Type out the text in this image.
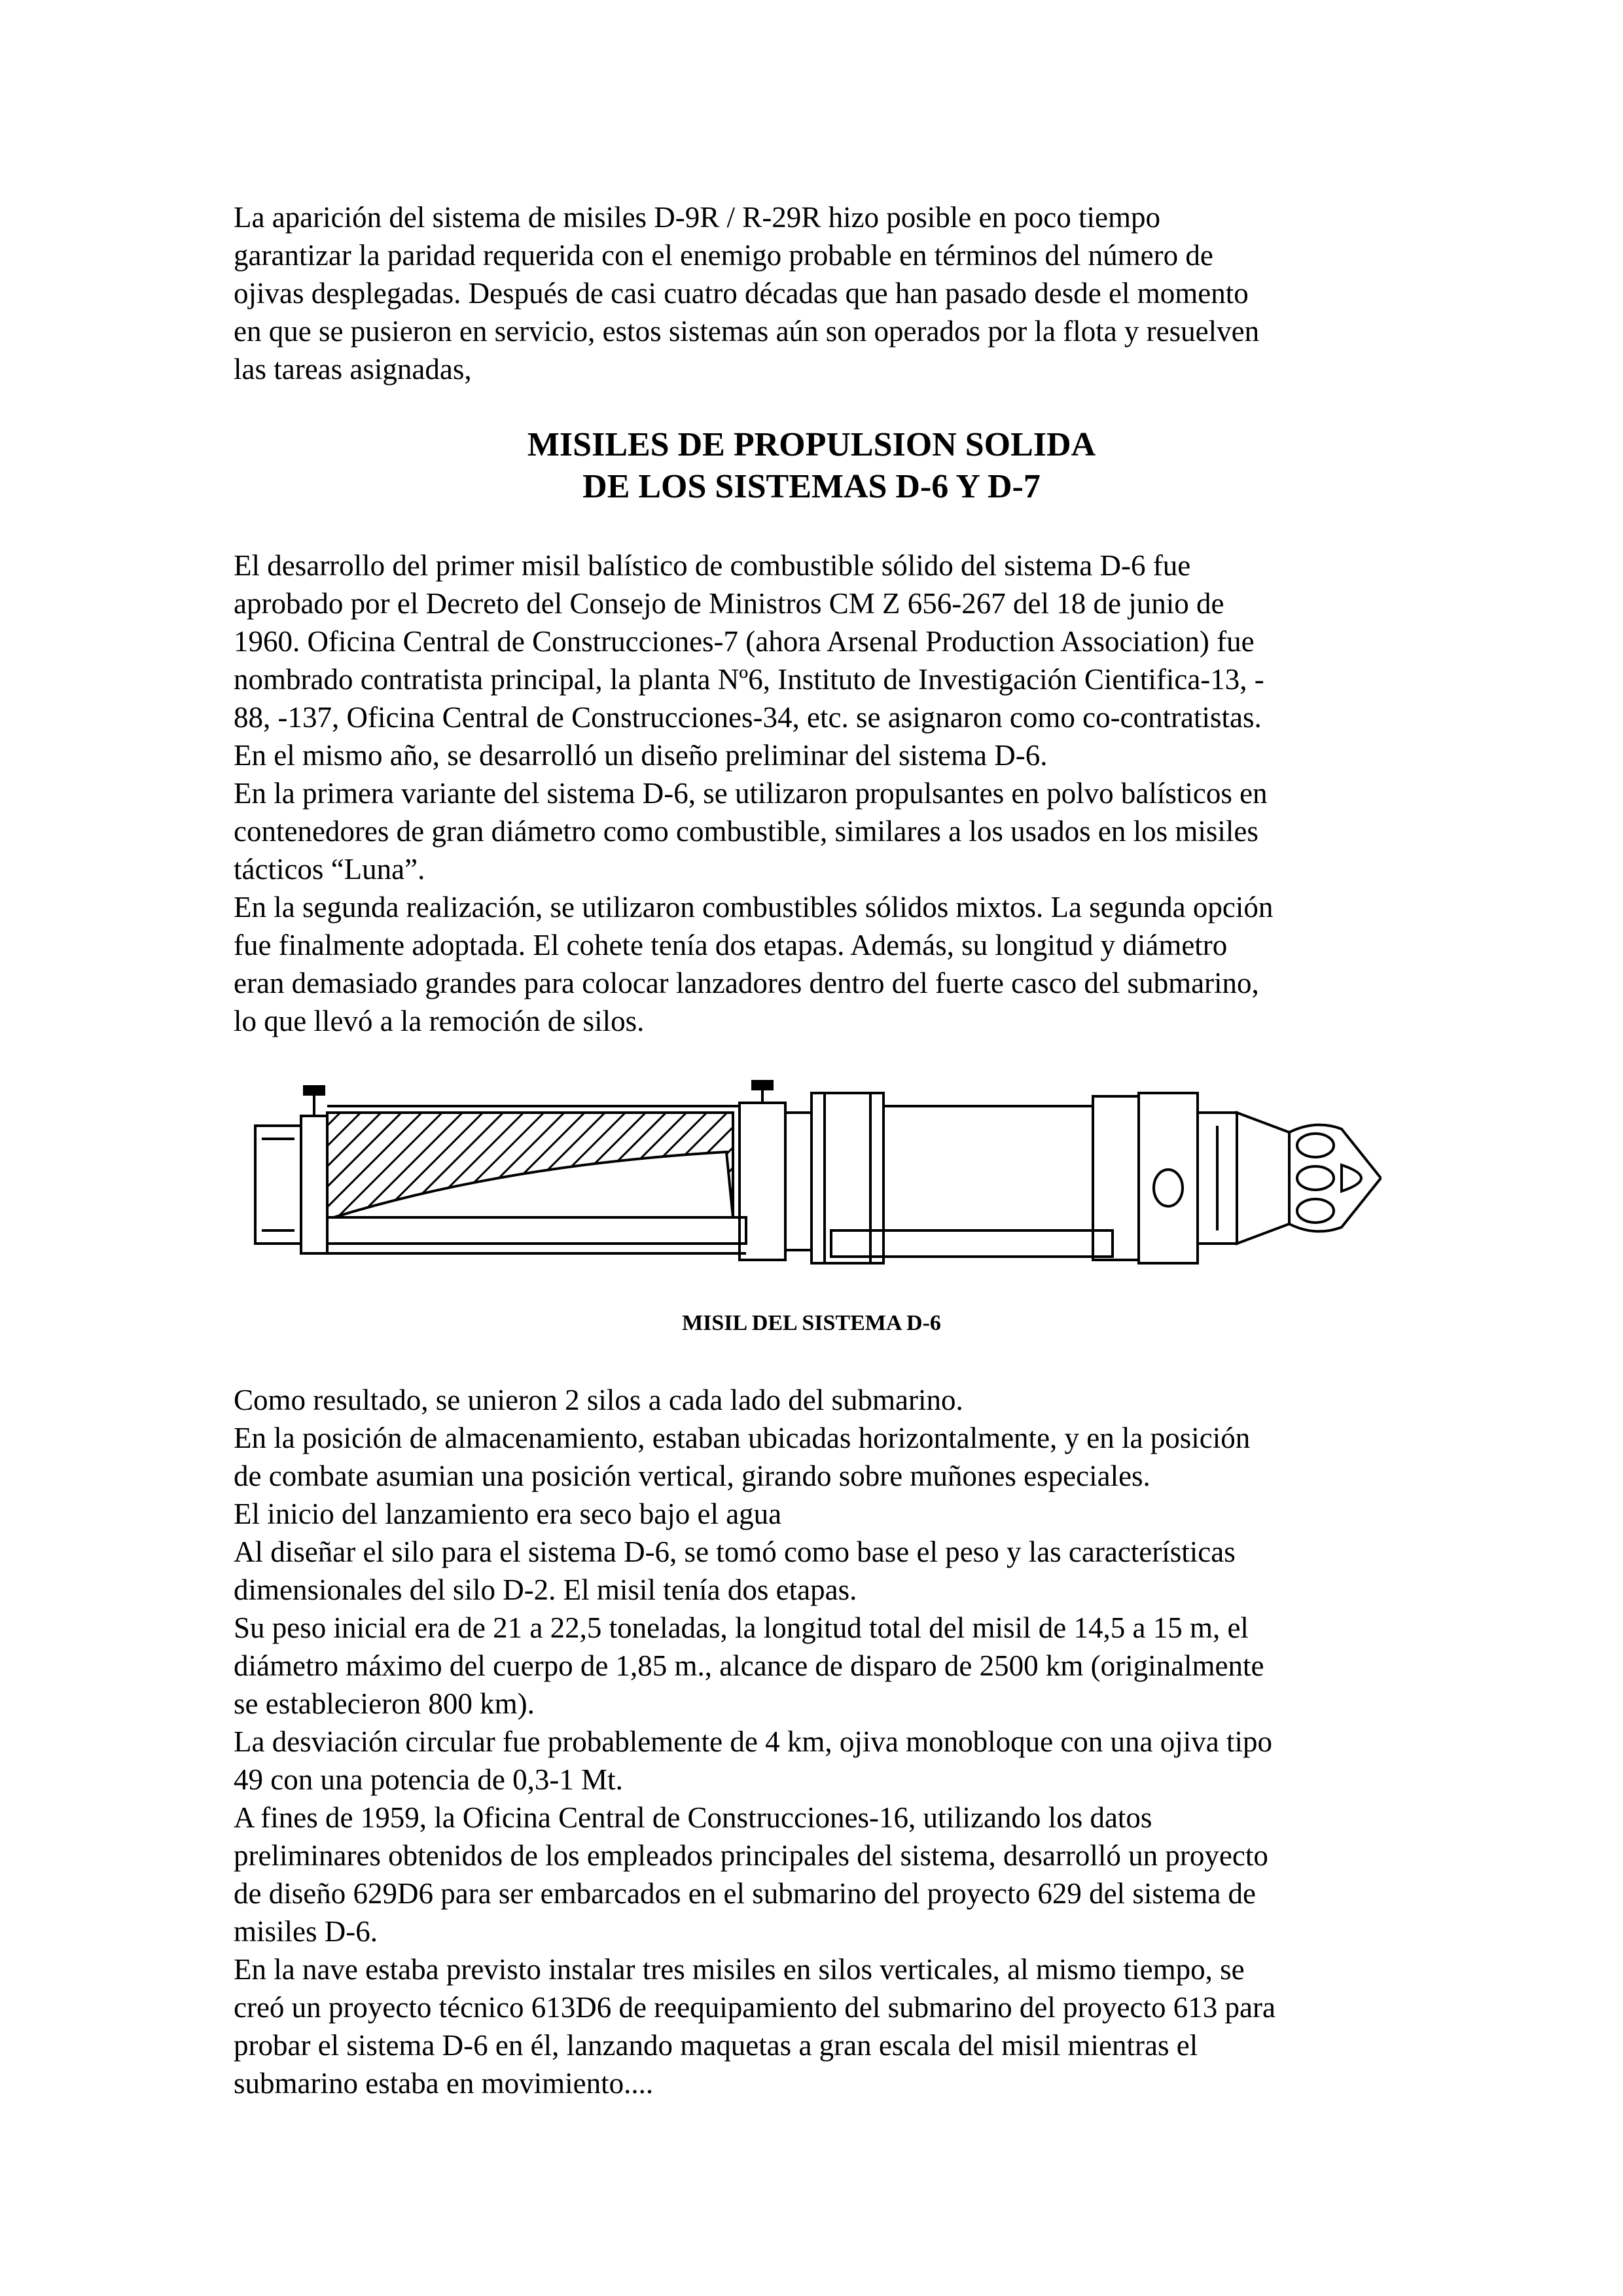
La aparición del sistema de misiles D-9R / R-29R hizo posible en poco tiempo
garantizar la paridad requerida con el enemigo probable en términos del número de
ojivas desplegadas. Después de casi cuatro décadas que han pasado desde el momento
en que se pusieron en servicio, estos sistemas aún son operados por la flota y resuelven
las tareas asignadas,
MISILES DE PROPULSION SOLIDA
DE LOS SISTEMAS D-6 Y D-7
El desarrollo del primer misil balístico de combustible sólido del sistema D-6 fue
aprobado por el Decreto del Consejo de Ministros CM Z 656-267 del 18 de junio de
1960. Oficina Central de Construcciones-7 (ahora Arsenal Production Association) fue
nombrado contratista principal, la planta Nº6, Instituto de Investigación Cientifica-13, -
88, -137, Oficina Central de Construcciones-34, etc. se asignaron como co-contratistas.
En el mismo año, se desarrolló un diseño preliminar del sistema D-6.
En la primera variante del sistema D-6, se utilizaron propulsantes en polvo balísticos en
contenedores de gran diámetro como combustible, similares a los usados en los misiles
tácticos “Luna”.
En la segunda realización, se utilizaron combustibles sólidos mixtos. La segunda opción
fue finalmente adoptada. El cohete tenía dos etapas. Además, su longitud y diámetro
eran demasiado grandes para colocar lanzadores dentro del fuerte casco del submarino,
lo que llevó a la remoción de silos.
MISIL DEL SISTEMA D-6
Como resultado, se unieron 2 silos a cada lado del submarino.
En la posición de almacenamiento, estaban ubicadas horizontalmente, y en la posición
de combate asumian una posición vertical, girando sobre muñones especiales.
El inicio del lanzamiento era seco bajo el agua
Al diseñar el silo para el sistema D-6, se tomó como base el peso y las características
dimensionales del silo D-2. El misil tenía dos etapas.
Su peso inicial era de 21 a 22,5 toneladas, la longitud total del misil de 14,5 a 15 m, el
diámetro máximo del cuerpo de 1,85 m., alcance de disparo de 2500 km (originalmente
se establecieron 800 km).
La desviación circular fue probablemente de 4 km, ojiva monobloque con una ojiva tipo
49 con una potencia de 0,3-1 Mt.
A fines de 1959, la Oficina Central de Construcciones-16, utilizando los datos
preliminares obtenidos de los empleados principales del sistema, desarrolló un proyecto
de diseño 629D6 para ser embarcados en el submarino del proyecto 629 del sistema de
misiles D-6.
En la nave estaba previsto instalar tres misiles en silos verticales, al mismo tiempo, se
creó un proyecto técnico 613D6 de reequipamiento del submarino del proyecto 613 para
probar el sistema D-6 en él, lanzando maquetas a gran escala del misil mientras el
submarino estaba en movimiento....
